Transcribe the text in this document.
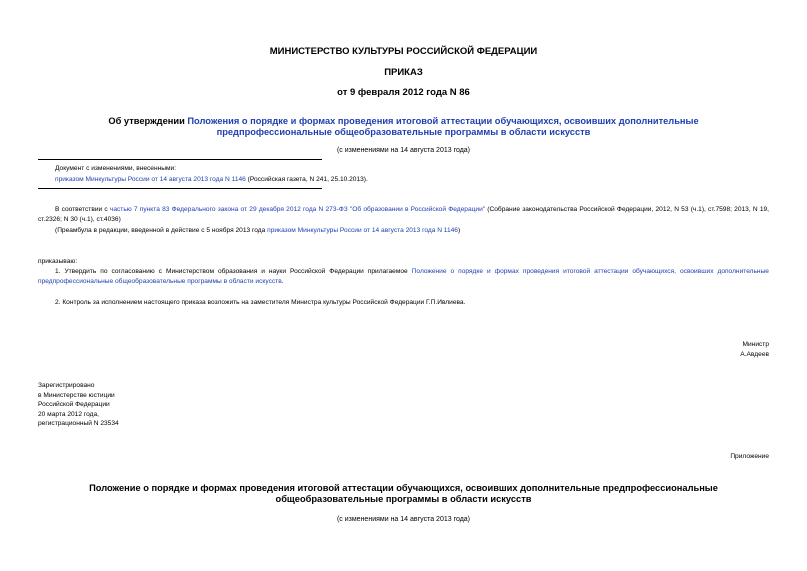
МИНИСТЕРСТВО КУЛЬТУРЫ РОССИЙСКОЙ ФЕДЕРАЦИИ
ПРИКАЗ
от 9 февраля 2012 года N 86
Об утверждении Положения о порядке и формах проведения итоговой аттестации обучающихся, освоивших дополнительные предпрофессиональные общеобразовательные программы в области искусств
(с изменениями на 14 августа 2013 года)
Документ с изменениями, внесенными:
приказом Минкультуры России от 14 августа 2013 года N 1146 (Российская газета, N 241, 25.10.2013).
В соответствии с частью 7 пункта 83 Федерального закона от 29 декабря 2012 года N 273-ФЗ "Об образовании в Российской Федерации" (Собрание законодательства Российской Федерации, 2012, N 53 (ч.1), ст.7598; 2013, N 19, ст.2326; N 30 (ч.1), ст.4036)
(Преамбула в редакции, введенной в действие с 5 ноября 2013 года приказом Минкультуры России от 14 августа 2013 года N 1146)
приказываю:
1. Утвердить по согласованию с Министерством образования и науки Российской Федерации прилагаемое Положение о порядке и формах проведения итоговой аттестации обучающихся, освоивших дополнительные предпрофессиональные общеобразовательные программы в области искусств.
2. Контроль за исполнением настоящего приказа возложить на заместителя Министра культуры Российской Федерации Г.П.Ивлиева.
Министр
А.Авдеев
Зарегистрировано
в Министерстве юстиции
Российской Федерации
20 марта 2012 года,
регистрационный N 23534
Приложение
Положение о порядке и формах проведения итоговой аттестации обучающихся, освоивших дополнительные предпрофессиональные общеобразовательные программы в области искусств
(с изменениями на 14 августа 2013 года)
